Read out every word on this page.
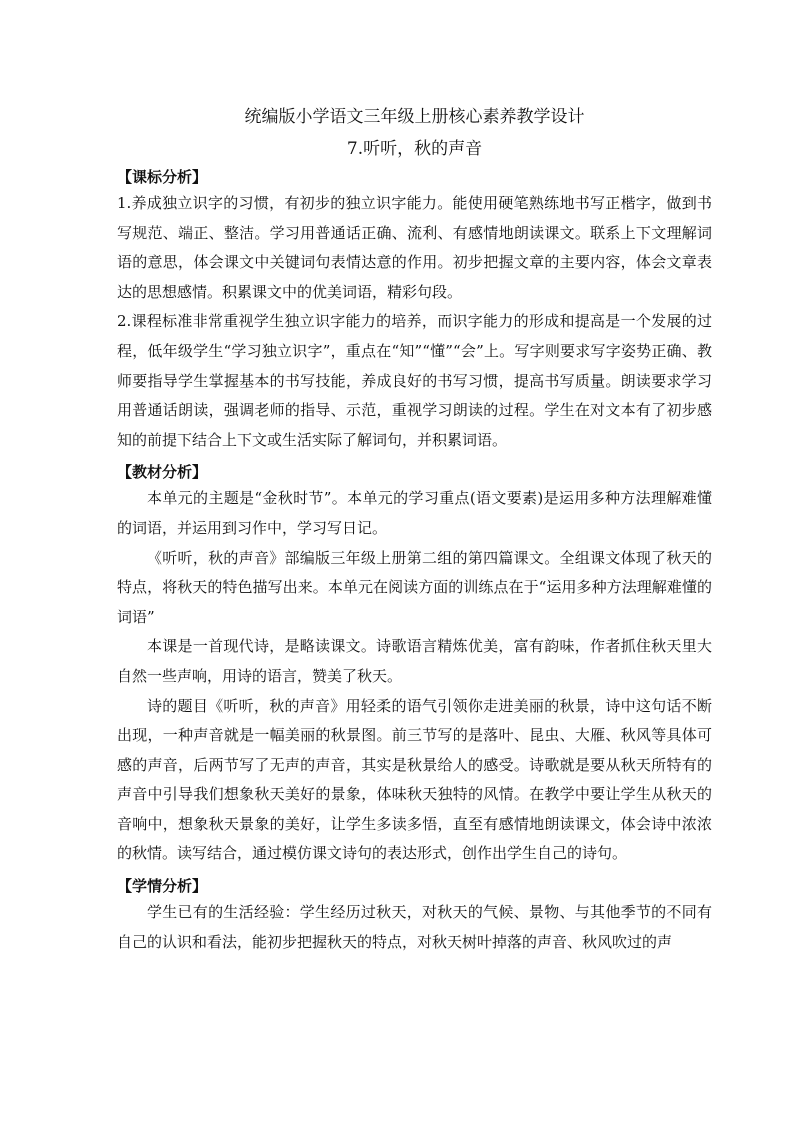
统编版小学语文三年级上册核心素养教学设计
7.听听，秋的声音
【课标分析】

1.养成独立识字的习惯，有初步的独立识字能力。能使用硬笔熟练地书写正楷字，做到书写规范、端正、整洁。学习用普通话正确、流利、有感情地朗读课文。联系上下文理解词语的意思，体会课文中关键词句表情达意的作用。初步把握文章的主要内容，体会文章表达的思想感情。积累课文中的优美词语，精彩句段。

2.课程标准非常重视学生独立识字能力的培养，而识字能力的形成和提高是一个发展的过程，低年级学生“学习独立识字”，重点在“知”“懂”“会”上。写字则要求写字姿势正确、教师要指导学生掌握基本的书写技能，养成良好的书写习惯，提高书写质量。朗读要求学习用普通话朗读，强调老师的指导、示范，重视学习朗读的过程。学生在对文本有了初步感知的前提下结合上下文或生活实际了解词句，并积累词语。

【教材分析】

本单元的主题是“金秋时节”。本单元的学习重点(语文要素)是运用多种方法理解难懂的词语，并运用到习作中，学习写日记。

《听听，秋的声音》部编版三年级上册第二组的第四篇课文。全组课文体现了秋天的特点，将秋天的特色描写出来。本单元在阅读方面的训练点在于“运用多种方法理解难懂的词语”

本课是一首现代诗，是略读课文。诗歌语言精炼优美，富有韵味，作者抓住秋天里大自然一些声响，用诗的语言，赞美了秋天。

诗的题目《听听，秋的声音》用轻柔的语气引领你走进美丽的秋景，诗中这句话不断出现，一种声音就是一幅美丽的秋景图。前三节写的是落叶、昆虫、大雁、秋风等具体可感的声音，后两节写了无声的声音，其实是秋景给人的感受。诗歌就是要从秋天所特有的声音中引导我们想象秋天美好的景象，体味秋天独特的风情。在教学中要让学生从秋天的音响中，想象秋天景象的美好，让学生多读多悟，直至有感情地朗读课文，体会诗中浓浓的秋情。读写结合，通过模仿课文诗句的表达形式，创作出学生自己的诗句。

【学情分析】

学生已有的生活经验：学生经历过秋天，对秋天的气候、景物、与其他季节的不同有自己的认识和看法，能初步把握秋天的特点，对秋天树叶掉落的声音、秋风吹过的声
